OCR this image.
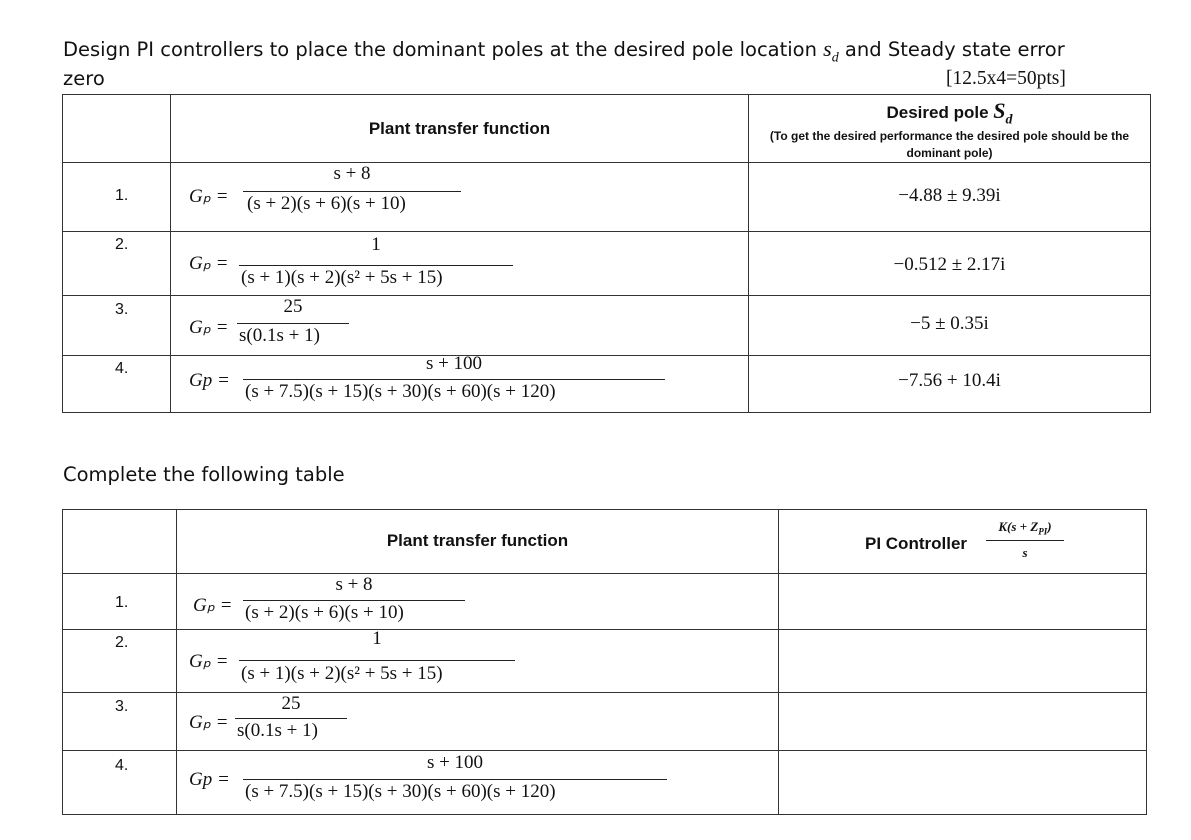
Design PI controllers to place the dominant poles at the desired pole location $s_d$ and Steady state error
zero	[12.5x4=50pts]

	Plant transfer function	Desired pole $S_d$
(To get the desired performance the desired pole should be the dominant pole)

1.	Gₚ =
s + 8
(s + 2)(s + 6)(s + 10)	−4.88 ± 9.39i

2.	Gₚ =
1
(s + 1)(s + 2)(s² + 5s + 15)	−0.512 ± 2.17i

3.	Gₚ =
25
s(0.1s + 1)	−5 ± 0.35i

4.	Gp =
s + 100
(s + 7.5)(s + 15)(s + 30)(s + 60)(s + 120)	−7.56 + 10.4i
Complete the following table

	Plant transfer function	PI Controller
$K(s + Z_{PI})$
s

1.	Gₚ =
s + 8
(s + 2)(s + 6)(s + 10)	

2.	Gₚ =
1
(s + 1)(s + 2)(s² + 5s + 15)	

3.	Gₚ =
25
s(0.1s + 1)	

4.	Gp =
s + 100
(s + 7.5)(s + 15)(s + 30)(s + 60)(s + 120)	
